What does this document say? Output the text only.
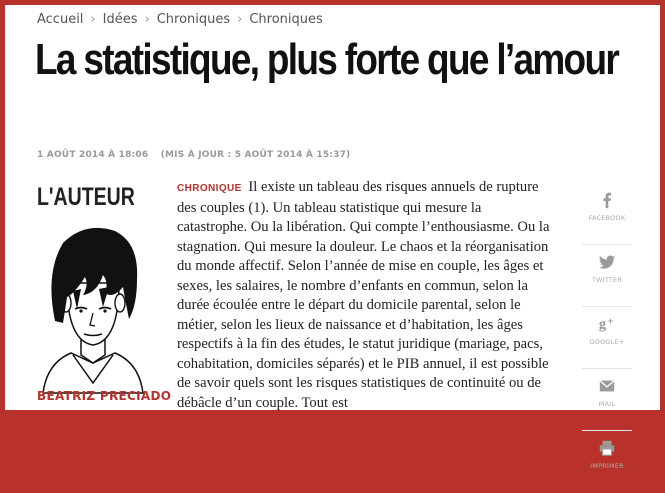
Accueil › Idées › Chroniques › Chroniques
La statistique, plus forte que l’amour
1 AOÛT 2014 À 18:06 (MIS À JOUR : 5 AOÛT 2014 À 15:37)
L'AUTEUR
BEATRIZ PRECIADO
CHRONIQUE Il existe un tableau des risques annuels de rupture des couples (1). Un tableau statistique qui mesure la catastrophe. Ou la libération. Qui compte l’enthousiasme. Ou la stagnation. Qui mesure la douleur. Le chaos et la réorganisation du monde affectif. Selon l’année de mise en couple, les âges et sexes, les salaires, le nombre d’enfants en commun, selon la durée écoulée entre le départ du domicile parental, selon le métier, selon les lieux de naissance et d’habitation, les âges respectifs à la fin des études, le statut juridique (mariage, pacs, cohabitation, domiciles séparés) et le PIB annuel, il est possible de savoir quels sont les risques statistiques de continuité ou de débâcle d’un couple. Tout est
FACEBOOK
TWITTER
g +
GOOGLE+
MAIL
IMPRIMER
